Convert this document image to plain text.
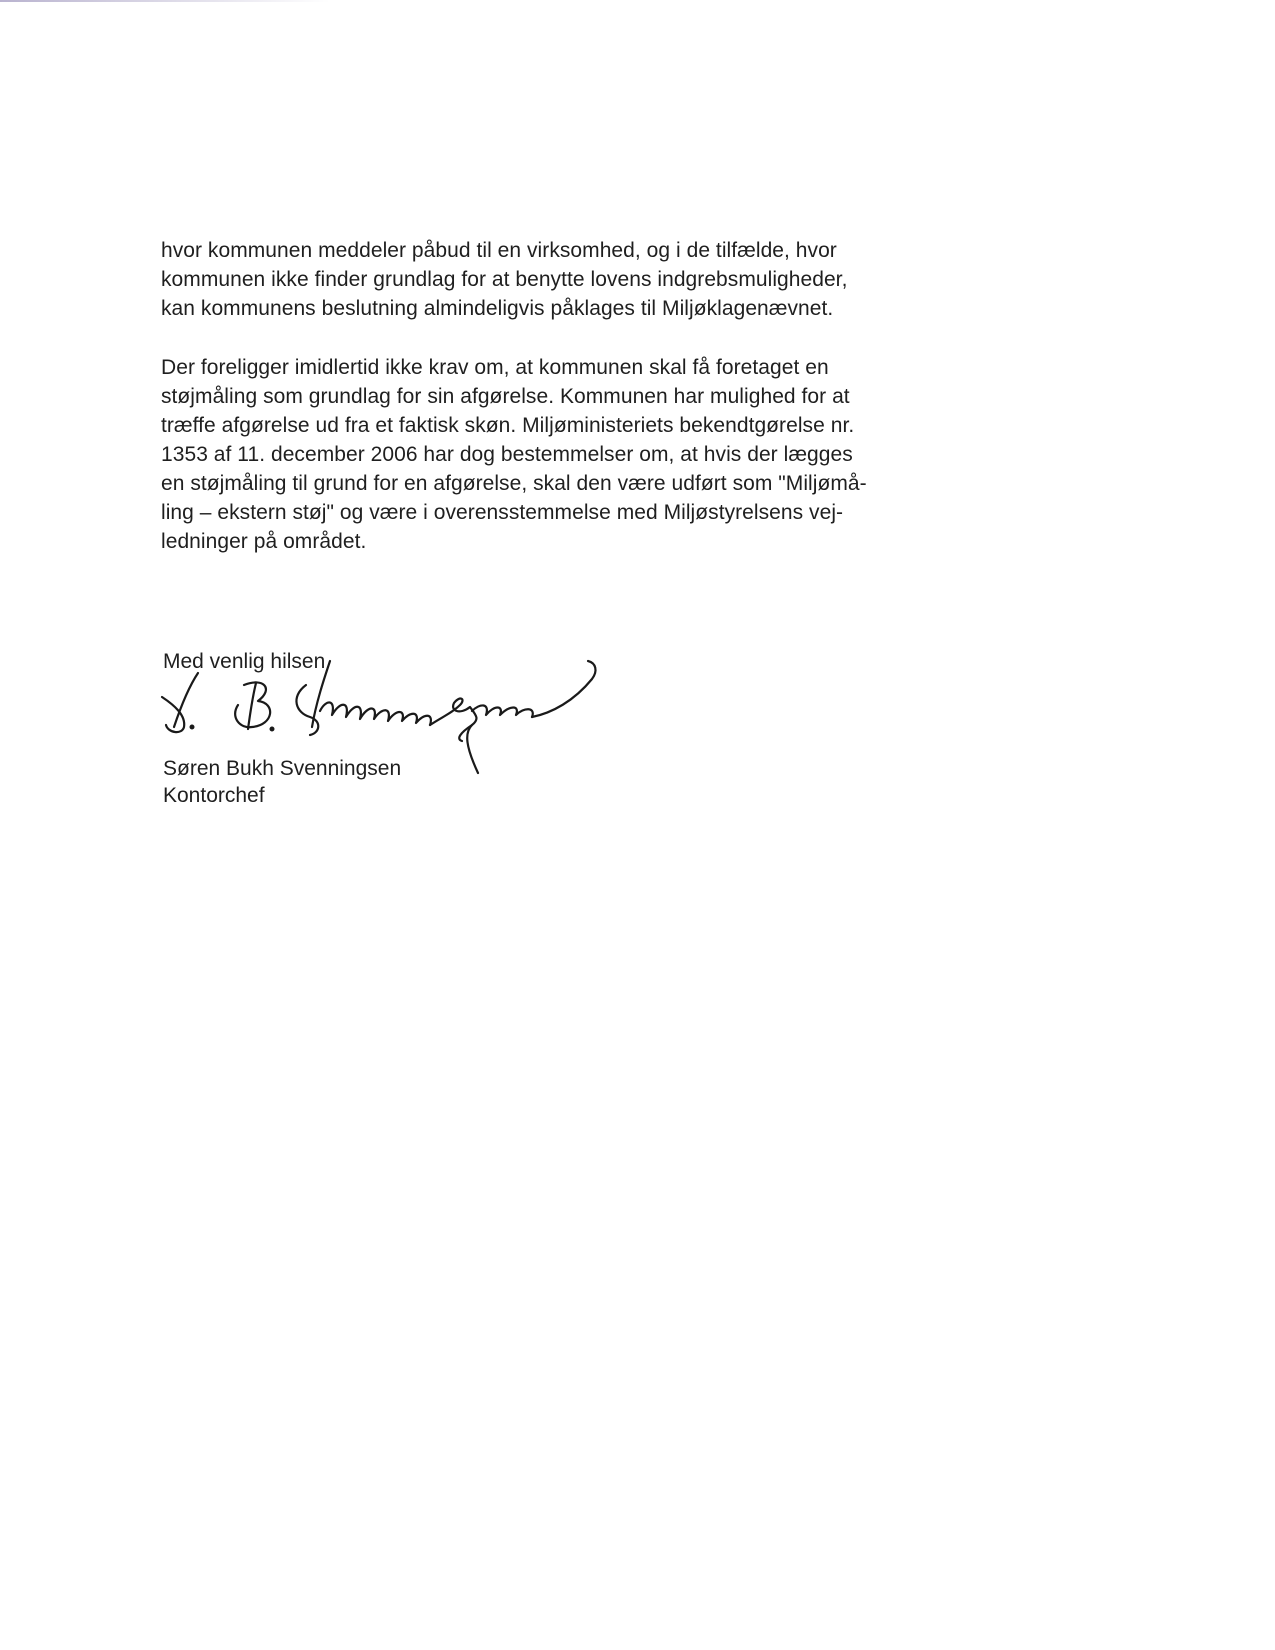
hvor kommunen meddeler påbud til en virksomhed, og i de tilfælde, hvor
kommunen ikke finder grundlag for at benytte lovens indgrebsmuligheder,
kan kommunens beslutning almindeligvis påklages til Miljøklagenævnet.

Der foreligger imidlertid ikke krav om, at kommunen skal få foretaget en
støjmåling som grundlag for sin afgørelse. Kommunen har mulighed for at
træffe afgørelse ud fra et faktisk skøn. Miljøministeriets bekendtgørelse nr.
1353 af 11. december 2006 har dog bestemmelser om, at hvis der lægges
en støjmåling til grund for en afgørelse, skal den være udført som "Miljømå-
ling – ekstern støj" og være i overensstemmelse med Miljøstyrelsens vej-
ledninger på området.

Med venlig hilsen
Søren Bukh Svenningsen
Kontorchef
